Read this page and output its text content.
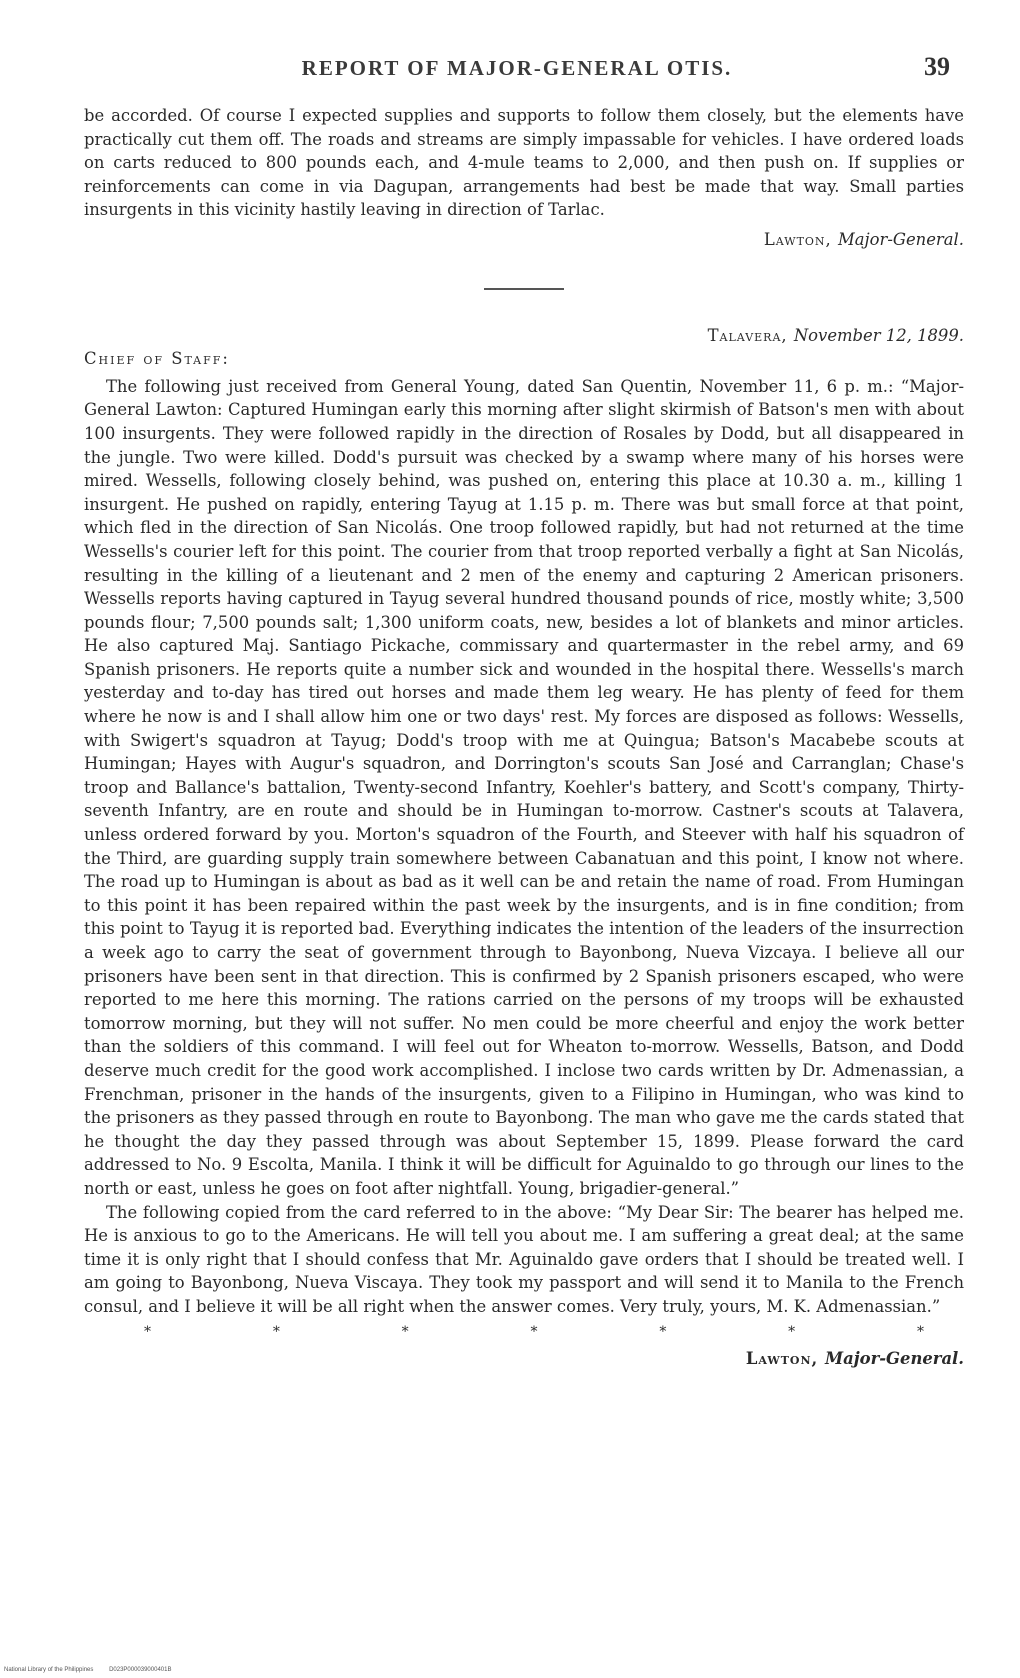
REPORT OF MAJOR-GENERAL OTIS.	39

be accorded. Of course I expected supplies and supports to follow them closely, but the elements have practically cut them off. The roads and streams are simply impassable for vehicles. I have ordered loads on carts reduced to 800 pounds each, and 4-mule teams to 2,000, and then push on. If supplies or reinforcements can come in via Dagupan, arrangements had best be made that way. Small parties insurgents in this vicinity hastily leaving in direction of Tarlac.

Lawton, Major-General.

Talavera, November 12, 1899.

Chief of Staff:

The following just received from General Young, dated San Quentin, November 11, 6 p. m.: “Major-General Lawton: Captured Humingan early this morning after slight skirmish of Batson's men with about 100 insurgents. They were followed rapidly in the direction of Rosales by Dodd, but all disappeared in the jungle. Two were killed. Dodd's pursuit was checked by a swamp where many of his horses were mired. Wessells, following closely behind, was pushed on, entering this place at 10.30 a. m., killing 1 insurgent. He pushed on rapidly, entering Tayug at 1.15 p. m. There was but small force at that point, which fled in the direction of San Nicolás. One troop followed rapidly, but had not returned at the time Wessells's courier left for this point. The courier from that troop reported verbally a fight at San Nicolás, resulting in the killing of a lieutenant and 2 men of the enemy and capturing 2 American prisoners. Wessells reports having captured in Tayug several hundred thousand pounds of rice, mostly white; 3,500 pounds flour; 7,500 pounds salt; 1,300 uniform coats, new, besides a lot of blankets and minor articles. He also captured Maj. Santiago Pickache, commissary and quartermaster in the rebel army, and 69 Spanish prisoners. He reports quite a number sick and wounded in the hospital there. Wessells's march yesterday and to-day has tired out horses and made them leg weary. He has plenty of feed for them where he now is and I shall allow him one or two days' rest. My forces are disposed as follows: Wessells, with Swigert's squadron at Tayug; Dodd's troop with me at Quingua; Batson's Macabebe scouts at Humingan; Hayes with Augur's squadron, and Dorrington's scouts San José and Carranglan; Chase's troop and Ballance's battalion, Twenty-second Infantry, Koehler's battery, and Scott's company, Thirty-seventh Infantry, are en route and should be in Humingan to-morrow. Castner's scouts at Talavera, unless ordered forward by you. Morton's squadron of the Fourth, and Steever with half his squadron of the Third, are guarding supply train somewhere between Cabanatuan and this point, I know not where. The road up to Humingan is about as bad as it well can be and retain the name of road. From Humingan to this point it has been repaired within the past week by the insurgents, and is in fine condition; from this point to Tayug it is reported bad. Everything indicates the intention of the leaders of the insurrection a week ago to carry the seat of government through to Bayonbong, Nueva Vizcaya. I believe all our prisoners have been sent in that direction. This is confirmed by 2 Spanish prisoners escaped, who were reported to me here this morning. The rations carried on the persons of my troops will be exhausted tomorrow morning, but they will not suffer. No men could be more cheerful and enjoy the work better than the soldiers of this command. I will feel out for Wheaton to-morrow. Wessells, Batson, and Dodd deserve much credit for the good work accomplished. I inclose two cards written by Dr. Admenassian, a Frenchman, prisoner in the hands of the insurgents, given to a Filipino in Humingan, who was kind to the prisoners as they passed through en route to Bayonbong. The man who gave me the cards stated that he thought the day they passed through was about September 15, 1899. Please forward the card addressed to No. 9 Escolta, Manila. I think it will be difficult for Aguinaldo to go through our lines to the north or east, unless he goes on foot after nightfall. Young, brigadier-general.”

The following copied from the card referred to in the above: “My Dear Sir: The bearer has helped me. He is anxious to go to the Americans. He will tell you about me. I am suffering a great deal; at the same time it is only right that I should confess that Mr. Aguinaldo gave orders that I should be treated well. I am going to Bayonbong, Nueva Viscaya. They took my passport and will send it to Manila to the French consul, and I believe it will be all right when the answer comes. Very truly, yours, M. K. Admenassian.”

*	*	*	*	*	*	*

Lawton, Major-General.

National Library of the Philippines	D023P000039000401B
